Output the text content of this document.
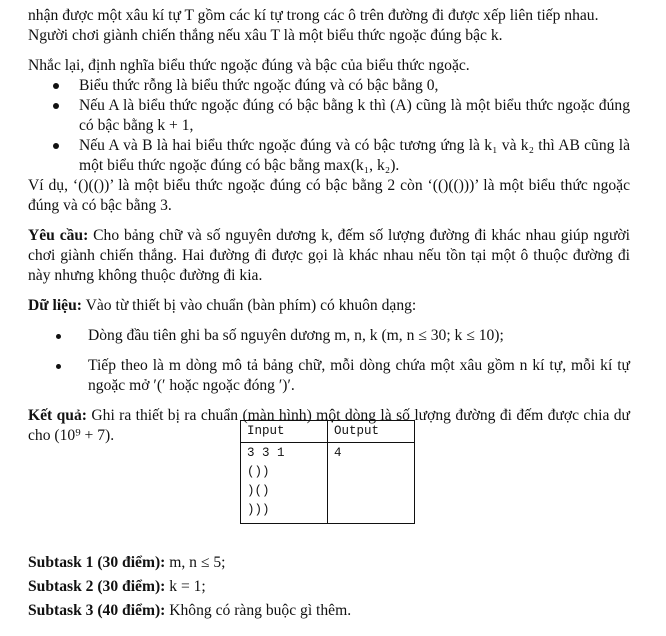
nhận được một xâu kí tự T gồm các kí tự trong các ô trên đường đi được xếp liên tiếp nhau.

Người chơi giành chiến thắng nếu xâu T là một biểu thức ngoặc đúng bậc k.

Nhắc lại, định nghĩa biểu thức ngoặc đúng và bậc của biểu thức ngoặc.

Biểu thức rỗng là biểu thức ngoặc đúng và có bậc bằng 0,
Nếu A là biểu thức ngoặc đúng có bậc bằng k thì (A) cũng là một biểu thức ngoặc đúng có bậc bằng k + 1,
Nếu A và B là hai biểu thức ngoặc đúng và có bậc tương ứng là k₁ và k₂ thì AB cũng là một biểu thức ngoặc đúng có bậc bằng max(k₁, k₂).

Ví dụ, ‘()(())’ là một biểu thức ngoặc đúng có bậc bằng 2 còn ‘(()(()))’ là một biểu thức ngoặc đúng và có bậc bằng 3.

Yêu cầu: Cho bảng chữ và số nguyên dương k, đếm số lượng đường đi khác nhau giúp người chơi giành chiến thắng. Hai đường đi được gọi là khác nhau nếu tồn tại một ô thuộc đường đi này nhưng không thuộc đường đi kia.

Dữ liệu: Vào từ thiết bị vào chuẩn (bàn phím) có khuôn dạng:

Dòng đầu tiên ghi ba số nguyên dương m, n, k (m, n ≤ 30; k ≤ 10);
Tiếp theo là m dòng mô tả bảng chữ, mỗi dòng chứa một xâu gồm n kí tự, mỗi kí tự ngoặc mở ′(′ hoặc ngoặc đóng ′)′.

Kết quả: Ghi ra thiết bị ra chuẩn (màn hình) một dòng là số lượng đường đi đếm được chia dư cho (10⁹ + 7).	Input	Output

3 3 1
())
)()
)))	4

Subtask 1 (30 điểm): m, n ≤ 5;

Subtask 2 (30 điểm): k = 1;

Subtask 3 (40 điểm): Không có ràng buộc gì thêm.
